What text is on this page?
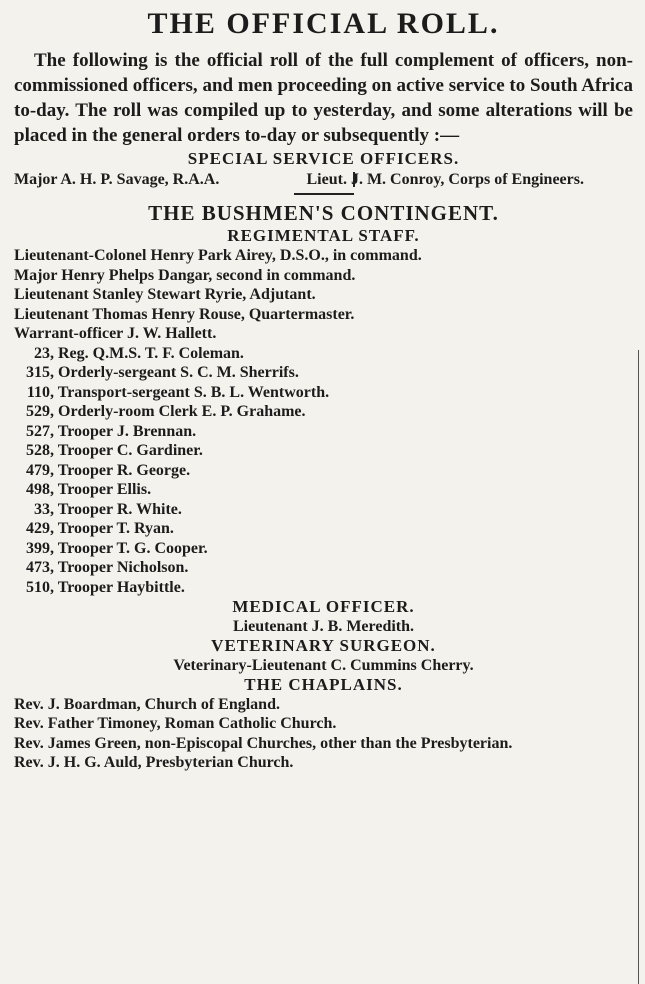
THE OFFICIAL ROLL.

The following is the official roll of the full complement of officers, non-commissioned officers, and men proceeding on active service to South Africa to-day. The roll was compiled up to yesterday, and some alterations will be placed in the general orders to-day or subsequently :—

SPECIAL SERVICE OFFICERS.
Major A. H. P. Savage, R.A.A.	Lieut. J. M. Conroy, Corps of Engineers.
THE BUSHMEN'S CONTINGENT.
REGIMENTAL STAFF.
Lieutenant-Colonel Henry Park Airey, D.S.O., in command.
Major Henry Phelps Dangar, second in command.
Lieutenant Stanley Stewart Ryrie, Adjutant.
Lieutenant Thomas Henry Rouse, Quartermaster.
Warrant-officer J. W. Hallett.
23, Reg. Q.M.S. T. F. Coleman.
315, Orderly-sergeant S. C. M. Sherrifs.
110, Transport-sergeant S. B. L. Wentworth.
529, Orderly-room Clerk E. P. Grahame.
527, Trooper J. Brennan.
528, Trooper C. Gardiner.
479, Trooper R. George.
498, Trooper Ellis.
33, Trooper R. White.
429, Trooper T. Ryan.
399, Trooper T. G. Cooper.
473, Trooper Nicholson.
510, Trooper Haybittle.
MEDICAL OFFICER.
Lieutenant J. B. Meredith.
VETERINARY SURGEON.
Veterinary-Lieutenant C. Cummins Cherry.
THE CHAPLAINS.
Rev. J. Boardman, Church of England.
Rev. Father Timoney, Roman Catholic Church.
Rev. James Green, non-Episcopal Churches, other than the Presbyterian.
Rev. J. H. G. Auld, Presbyterian Church.
